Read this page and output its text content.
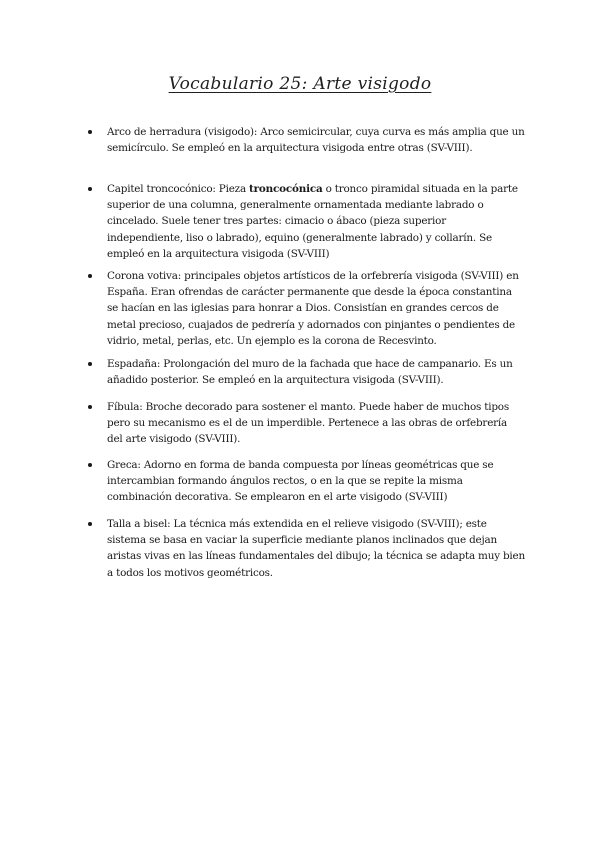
Vocabulario 25: Arte visigodo
Arco de herradura (visigodo): Arco semicircular, cuya curva es más amplia que un semicírculo. Se empleó en la arquitectura visigoda entre otras (SV-VIII).
Capitel troncocónico: Pieza troncocónica o tronco piramidal situada en la parte superior de una columna, generalmente ornamentada mediante labrado o cincelado. Suele tener tres partes: cimacio o ábaco (pieza superior independiente, liso o labrado), equino (generalmente labrado) y collarín. Se empleó en la arquitectura visigoda (SV-VIII)
Corona votiva: principales objetos artísticos de la orfebrería visigoda (SV-VIII) en España. Eran ofrendas de carácter permanente que desde la época constantina se hacían en las iglesias para honrar a Dios. Consistían en grandes cercos de metal precioso, cuajados de pedrería y adornados con pinjantes o pendientes de vidrio, metal, perlas, etc. Un ejemplo es la corona de Recesvinto.
Espadaña: Prolongación del muro de la fachada que hace de campanario. Es un añadido posterior. Se empleó en la arquitectura visigoda (SV-VIII).
Fíbula: Broche decorado para sostener el manto. Puede haber de muchos tipos pero su mecanismo es el de un imperdible. Pertenece a las obras de orfebrería del arte visigodo (SV-VIII).
Greca: Adorno en forma de banda compuesta por líneas geométricas que se intercambian formando ángulos rectos, o en la que se repite la misma combinación decorativa. Se emplearon en el arte visigodo (SV-VIII)
Talla a bisel: La técnica más extendida en el relieve visigodo (SV-VIII); este sistema se basa en vaciar la superficie mediante planos inclinados que dejan aristas vivas en las líneas fundamentales del dibujo; la técnica se adapta muy bien a todos los motivos geométricos.
